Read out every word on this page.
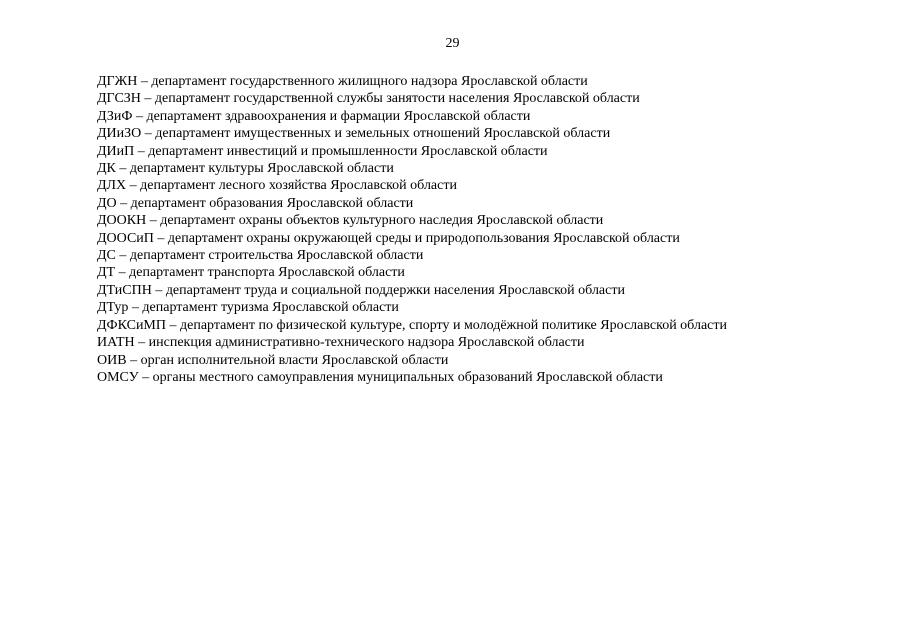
29
ДГЖН – департамент государственного жилищного надзора Ярославской области
ДГСЗН – департамент государственной службы занятости населения Ярославской области
ДЗиФ – департамент здравоохранения и фармации Ярославской области
ДИиЗО – департамент имущественных и земельных отношений Ярославской области
ДИиП – департамент инвестиций и промышленности Ярославской области
ДК – департамент культуры Ярославской области
ДЛХ – департамент лесного хозяйства Ярославской области
ДО – департамент образования Ярославской области
ДООКН – департамент охраны объектов культурного наследия Ярославской области
ДООСиП – департамент охраны окружающей среды и природопользования Ярославской области
ДС – департамент строительства Ярославской области
ДТ – департамент транспорта Ярославской области
ДТиСПН – департамент труда и социальной поддержки населения Ярославской области
ДТур – департамент туризма Ярославской области
ДФКСиМП – департамент по физической культуре, спорту и молодёжной политике Ярославской области
ИАТН – инспекция административно-технического надзора Ярославской области
ОИВ – орган исполнительной власти Ярославской области
ОМСУ – органы местного самоуправления муниципальных образований Ярославской области
